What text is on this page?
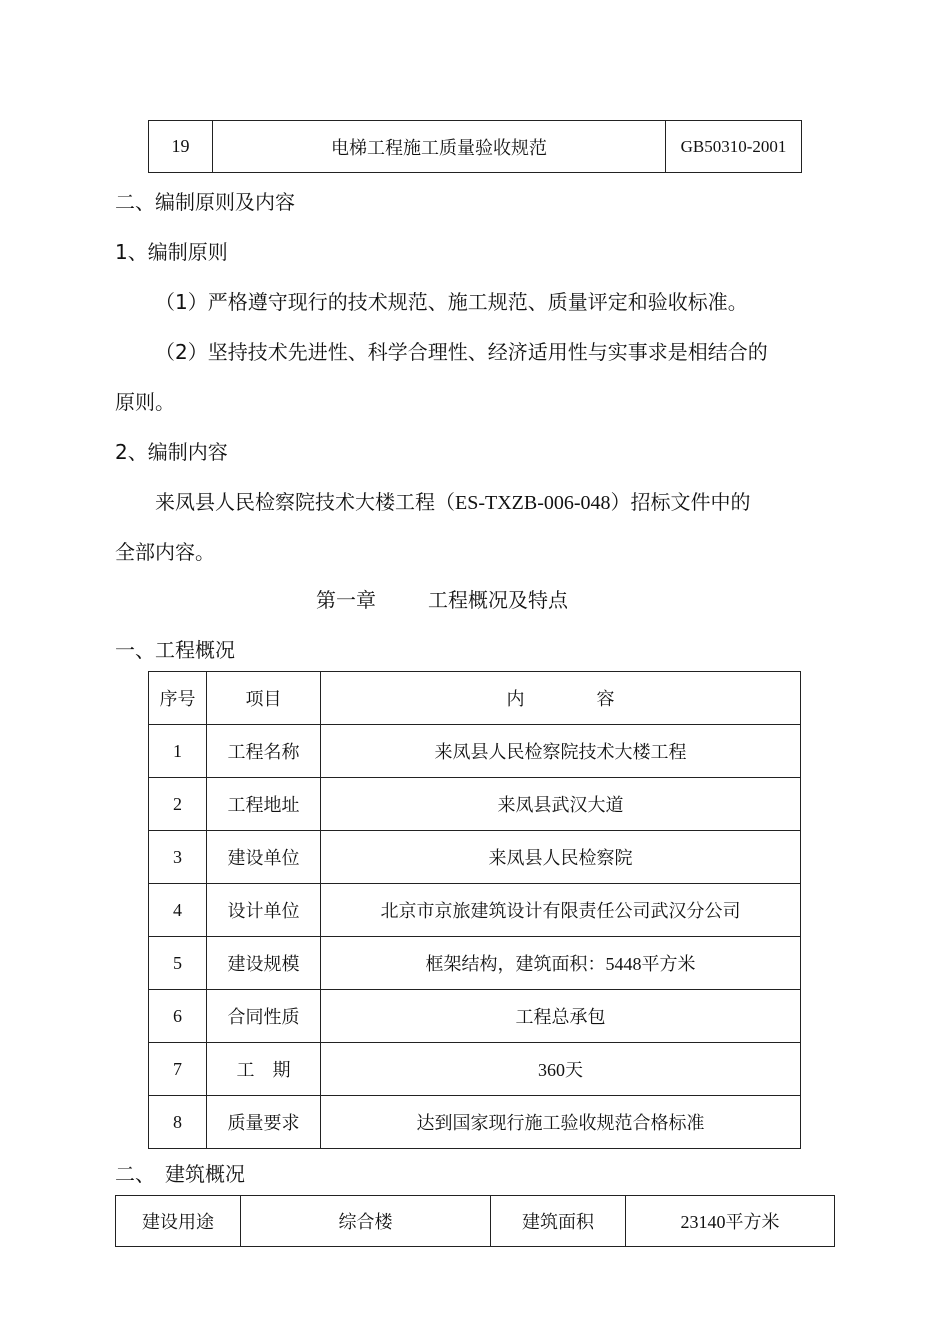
19	电梯工程施工质量验收规范	GB50310-2001
二、编制原则及内容
1、编制原则
（1）严格遵守现行的技术规范、施工规范、质量评定和验收标准。
（2）坚持技术先进性、科学合理性、经济适用性与实事求是相结合的
原则。
2、编制内容
来凤县人民检察院技术大楼工程（ES-TXZB-006-048）招标文件中的
全部内容。
第一章	工程概况及特点
一、工程概况
序号	项目	内　　　　容
1	工程名称	来凤县人民检察院技术大楼工程
2	工程地址	来凤县武汉大道
3	建设单位	来凤县人民检察院
4	设计单位	北京市京旅建筑设计有限责任公司武汉分公司
5	建设规模	框架结构，建筑面积：5448平方米
6	合同性质	工程总承包
7	工　期	360天
8	质量要求	达到国家现行施工验收规范合格标准
二、　建筑概况
建设用途	综合楼	建筑面积	23140平方米
